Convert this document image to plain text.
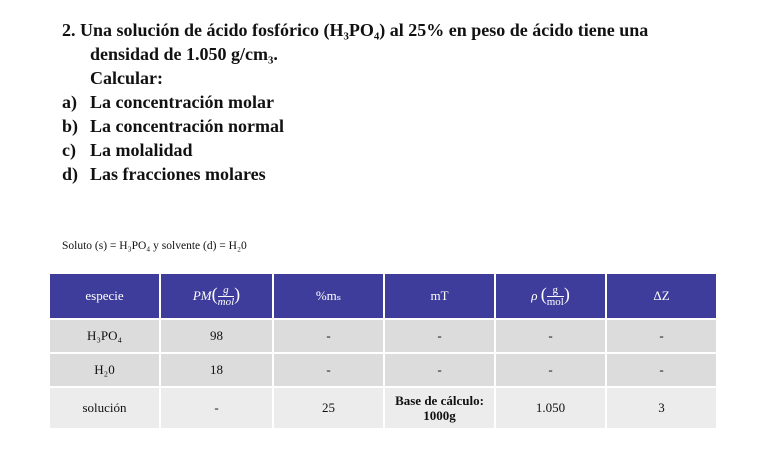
2. Una solución de ácido fosfórico (H₃PO₄) al 25% en peso de ácido tiene una
densidad de 1.050 g/cm₃.
Calcular:
a) La concentración molar
b) La concentración normal
c) La molalidad
d) Las fracciones molares
Soluto (s) = H₃PO₄ y solvente (d) = H₂0
especie	$PM( \frac{g}{\text{mol}}$ )	%mₛ	mT	ρ ( $\frac{g}{\text{mol}}$ )	ΔZ
H₃PO₄	98	-	-	-	-
H₂0	18	-	-	-	-
solución	-	25	Base de cálculo: 1000g	1.050	3
